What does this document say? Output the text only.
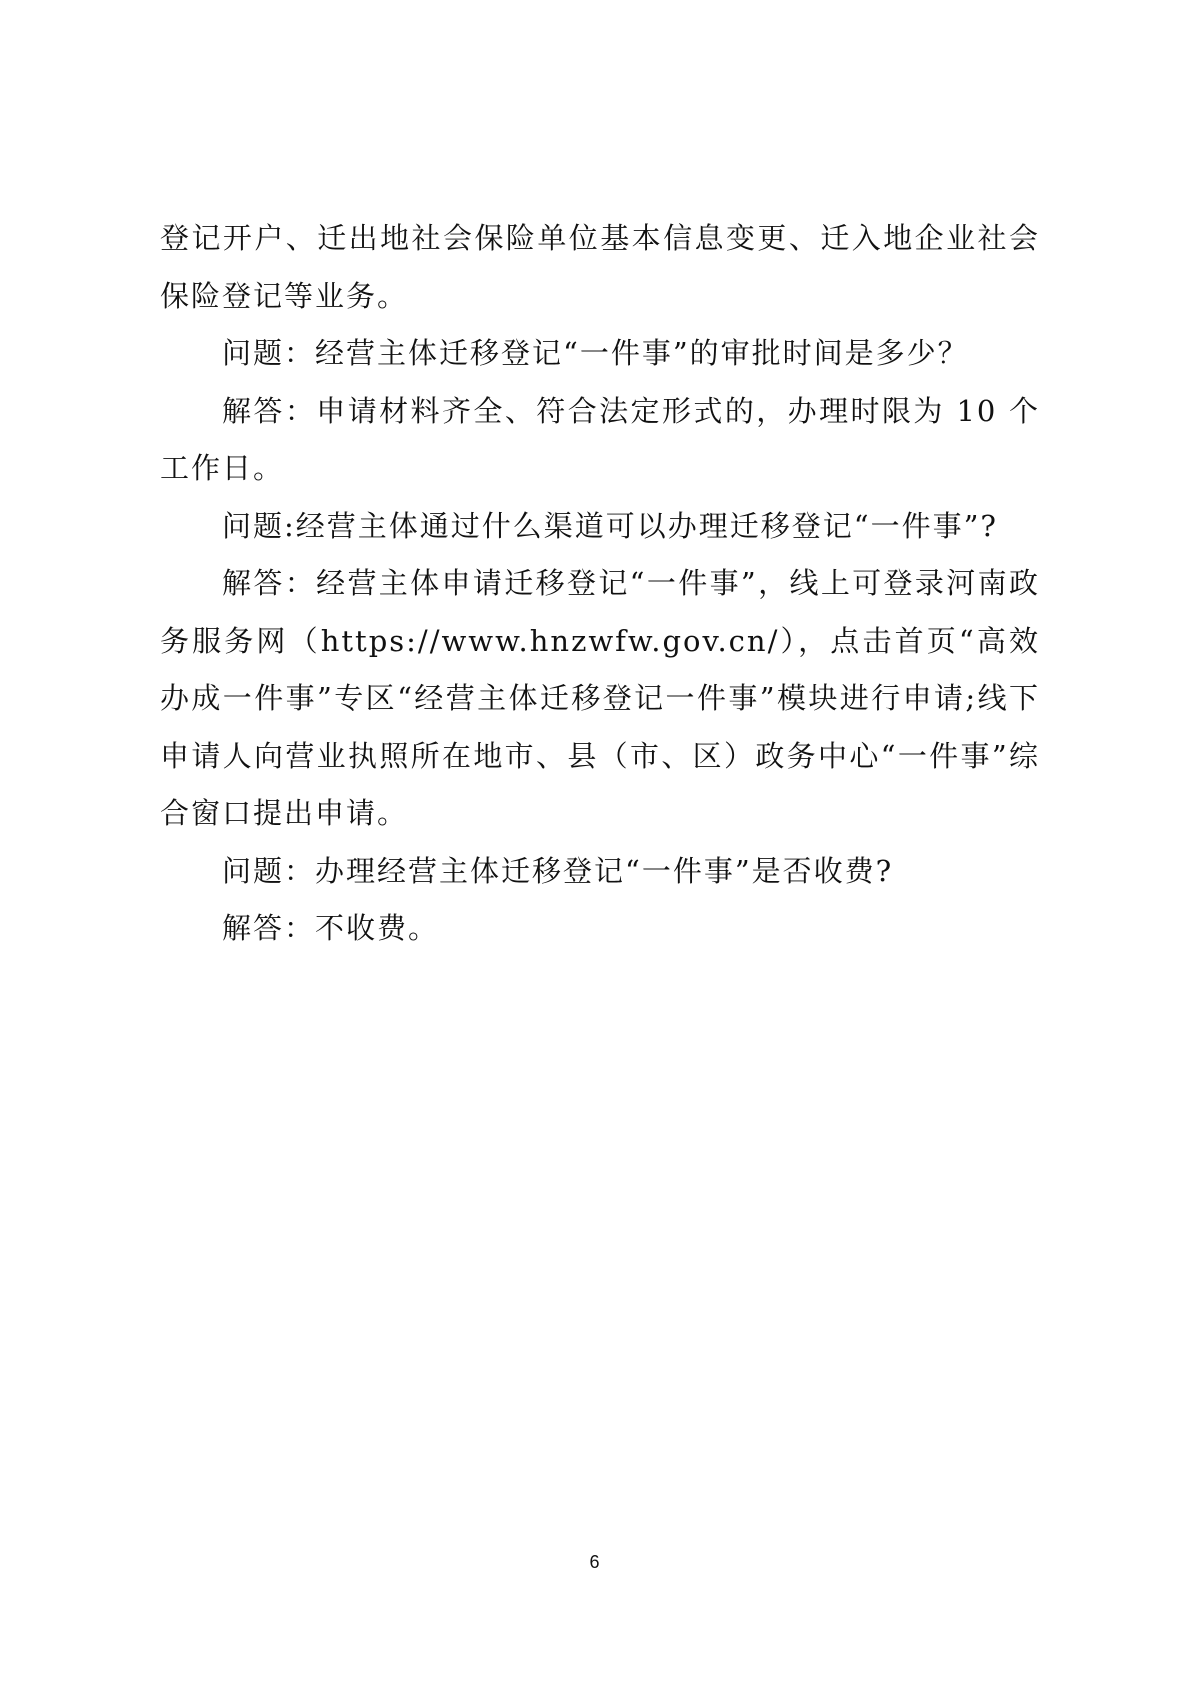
登记开户、迁出地社会保险单位基本信息变更、迁入地企业社会保险登记等业务。

问题：经营主体迁移登记“一件事”的审批时间是多少？

解答：申请材料齐全、符合法定形式的，办理时限为 10 个工作日。

问题:经营主体通过什么渠道可以办理迁移登记“一件事”?

解答：经营主体申请迁移登记“一件事”，线上可登录河南政务服务网（https://www.hnzwfw.gov.cn/），点击首页“高效办成一件事”专区“经营主体迁移登记一件事”模块进行申请;线下申请人向营业执照所在地市、县（市、区）政务中心“一件事”综合窗口提出申请。

问题：办理经营主体迁移登记“一件事”是否收费?

解答：不收费。

6
